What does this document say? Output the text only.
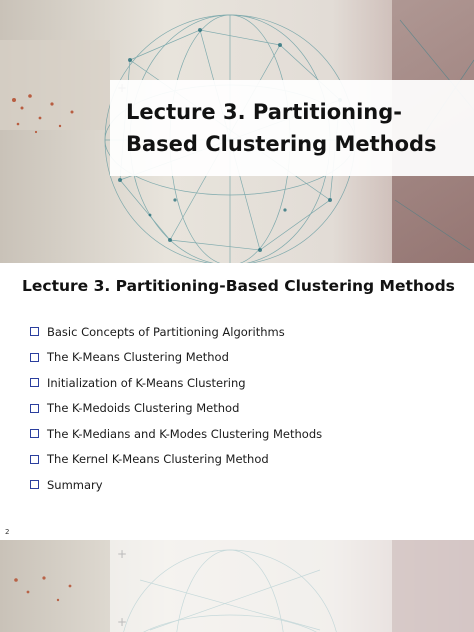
Lecture 3. Partitioning-Based Clustering Methods
Lecture 3. Partitioning-Based Clustering Methods
Basic Concepts of Partitioning Algorithms
The K-Means Clustering Method
Initialization of K-Means Clustering
The K-Medoids Clustering Method
The K-Medians and K-Modes Clustering Methods
The Kernel K-Means Clustering Method
Summary
2
